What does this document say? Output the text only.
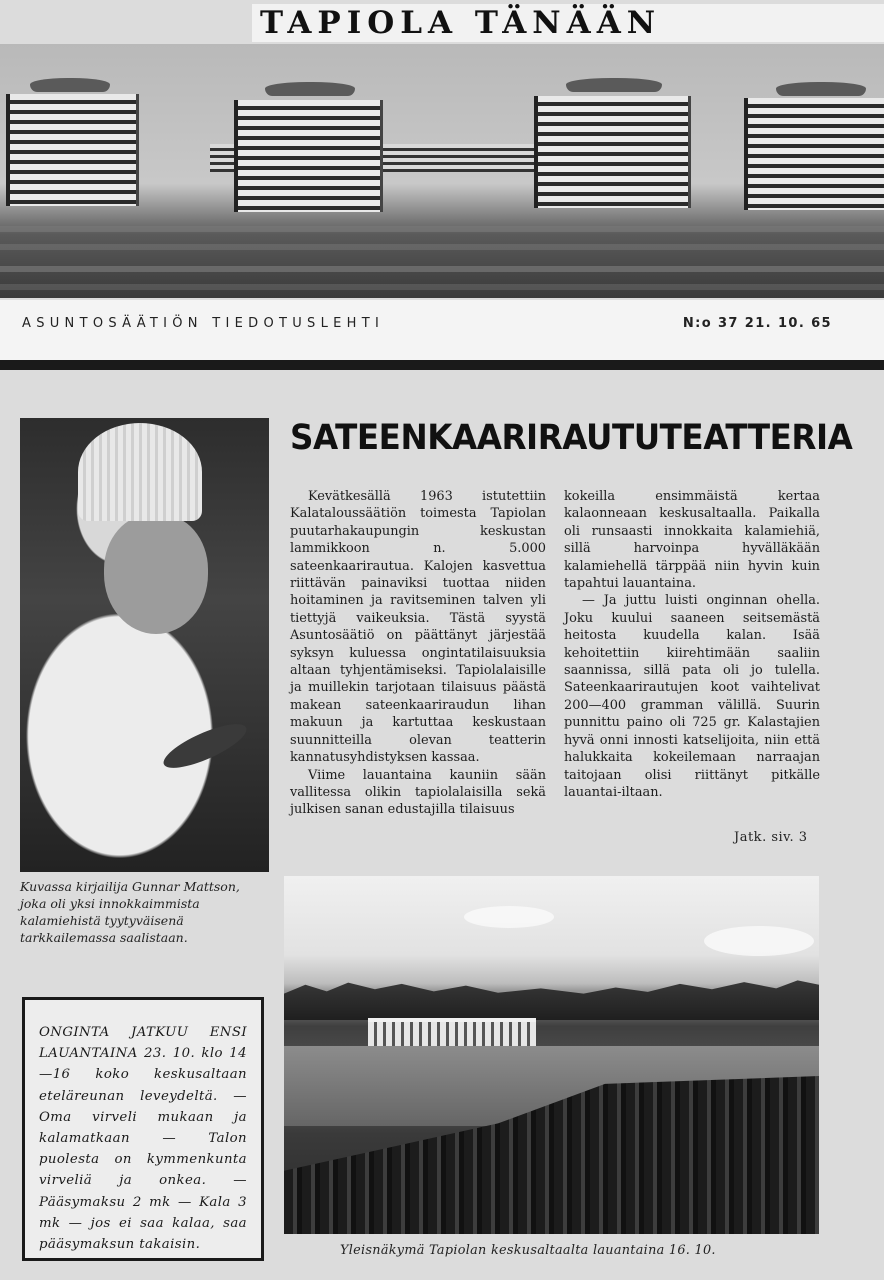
TAPIOLA TÄNÄÄN
ASUNTOSÄÄTIÖN TIEDOTUSLEHTI	N:o 37 21. 10. 65

Kuvassa kirjailija Gunnar Mattson, joka oli yksi innokkaimmista kalamiehistä tyytyväisenä tarkkailemassa saalistaan.

SATEENKAARIRAUTUTEATTERIA

Kevätkesällä 1963 istutettiin Kalataloussäätiön toimesta Tapiolan puutarhakaupungin keskustan lammikkoon n. 5.000 sateenkaarirautua. Kalojen kasvettua riittävän painaviksi tuottaa niiden hoitaminen ja ravitseminen talven yli tiettyjä vaikeuksia. Tästä syystä Asuntosäätiö on päättänyt järjestää syksyn kuluessa ongintatilaisuuksia altaan tyhjentämiseksi. Tapiolalaisille ja muillekin tarjotaan tilaisuus päästä makean sateenkaariraudun lihan makuun ja kartuttaa keskustaan suunnitteilla olevan teatterin kannatusyhdistyksen kassaa.

Viime lauantaina kauniin sään vallitessa olikin tapiolalaisilla sekä julkisen sanan edustajilla tilaisuus

kokeilla ensimmäistä kertaa kalaonneaan keskusaltaalla. Paikalla oli runsaasti innokkaita kalamiehiä, sillä harvoinpa hyvälläkään kalamiehellä tärppää niin hyvin kuin tapahtui lauantaina.

— Ja juttu luisti onginnan ohella. Joku kuului saaneen seitsemästä heitosta kuudella kalan. Isää kehoitettiin kiirehtimään saaliin saannissa, sillä pata oli jo tulella. Sateenkaarirautujen koot vaihtelivat 200—400 gramman välillä. Suurin punnittu paino oli 725 gr. Kalastajien hyvä onni innosti katselijoita, niin että halukkaita kokeilemaan narraajan taitojaan olisi riittänyt pitkälle lauantai-iltaan.

Jatk. siv. 3
ONGINTA JATKUU ENSI LAUANTAINA 23. 10. klo 14—16 koko keskusaltaan eteläreunan leveydeltä. — Oma virveli mukaan ja kalamatkaan — Talon puolesta on kymmenkunta virveliä ja onkea. — Pääsymaksu 2 mk — Kala 3 mk — jos ei saa kalaa, saa pääsymaksun takaisin.	Yleisnäkymä Tapiolan keskusaltaalta lauantaina 16. 10.
